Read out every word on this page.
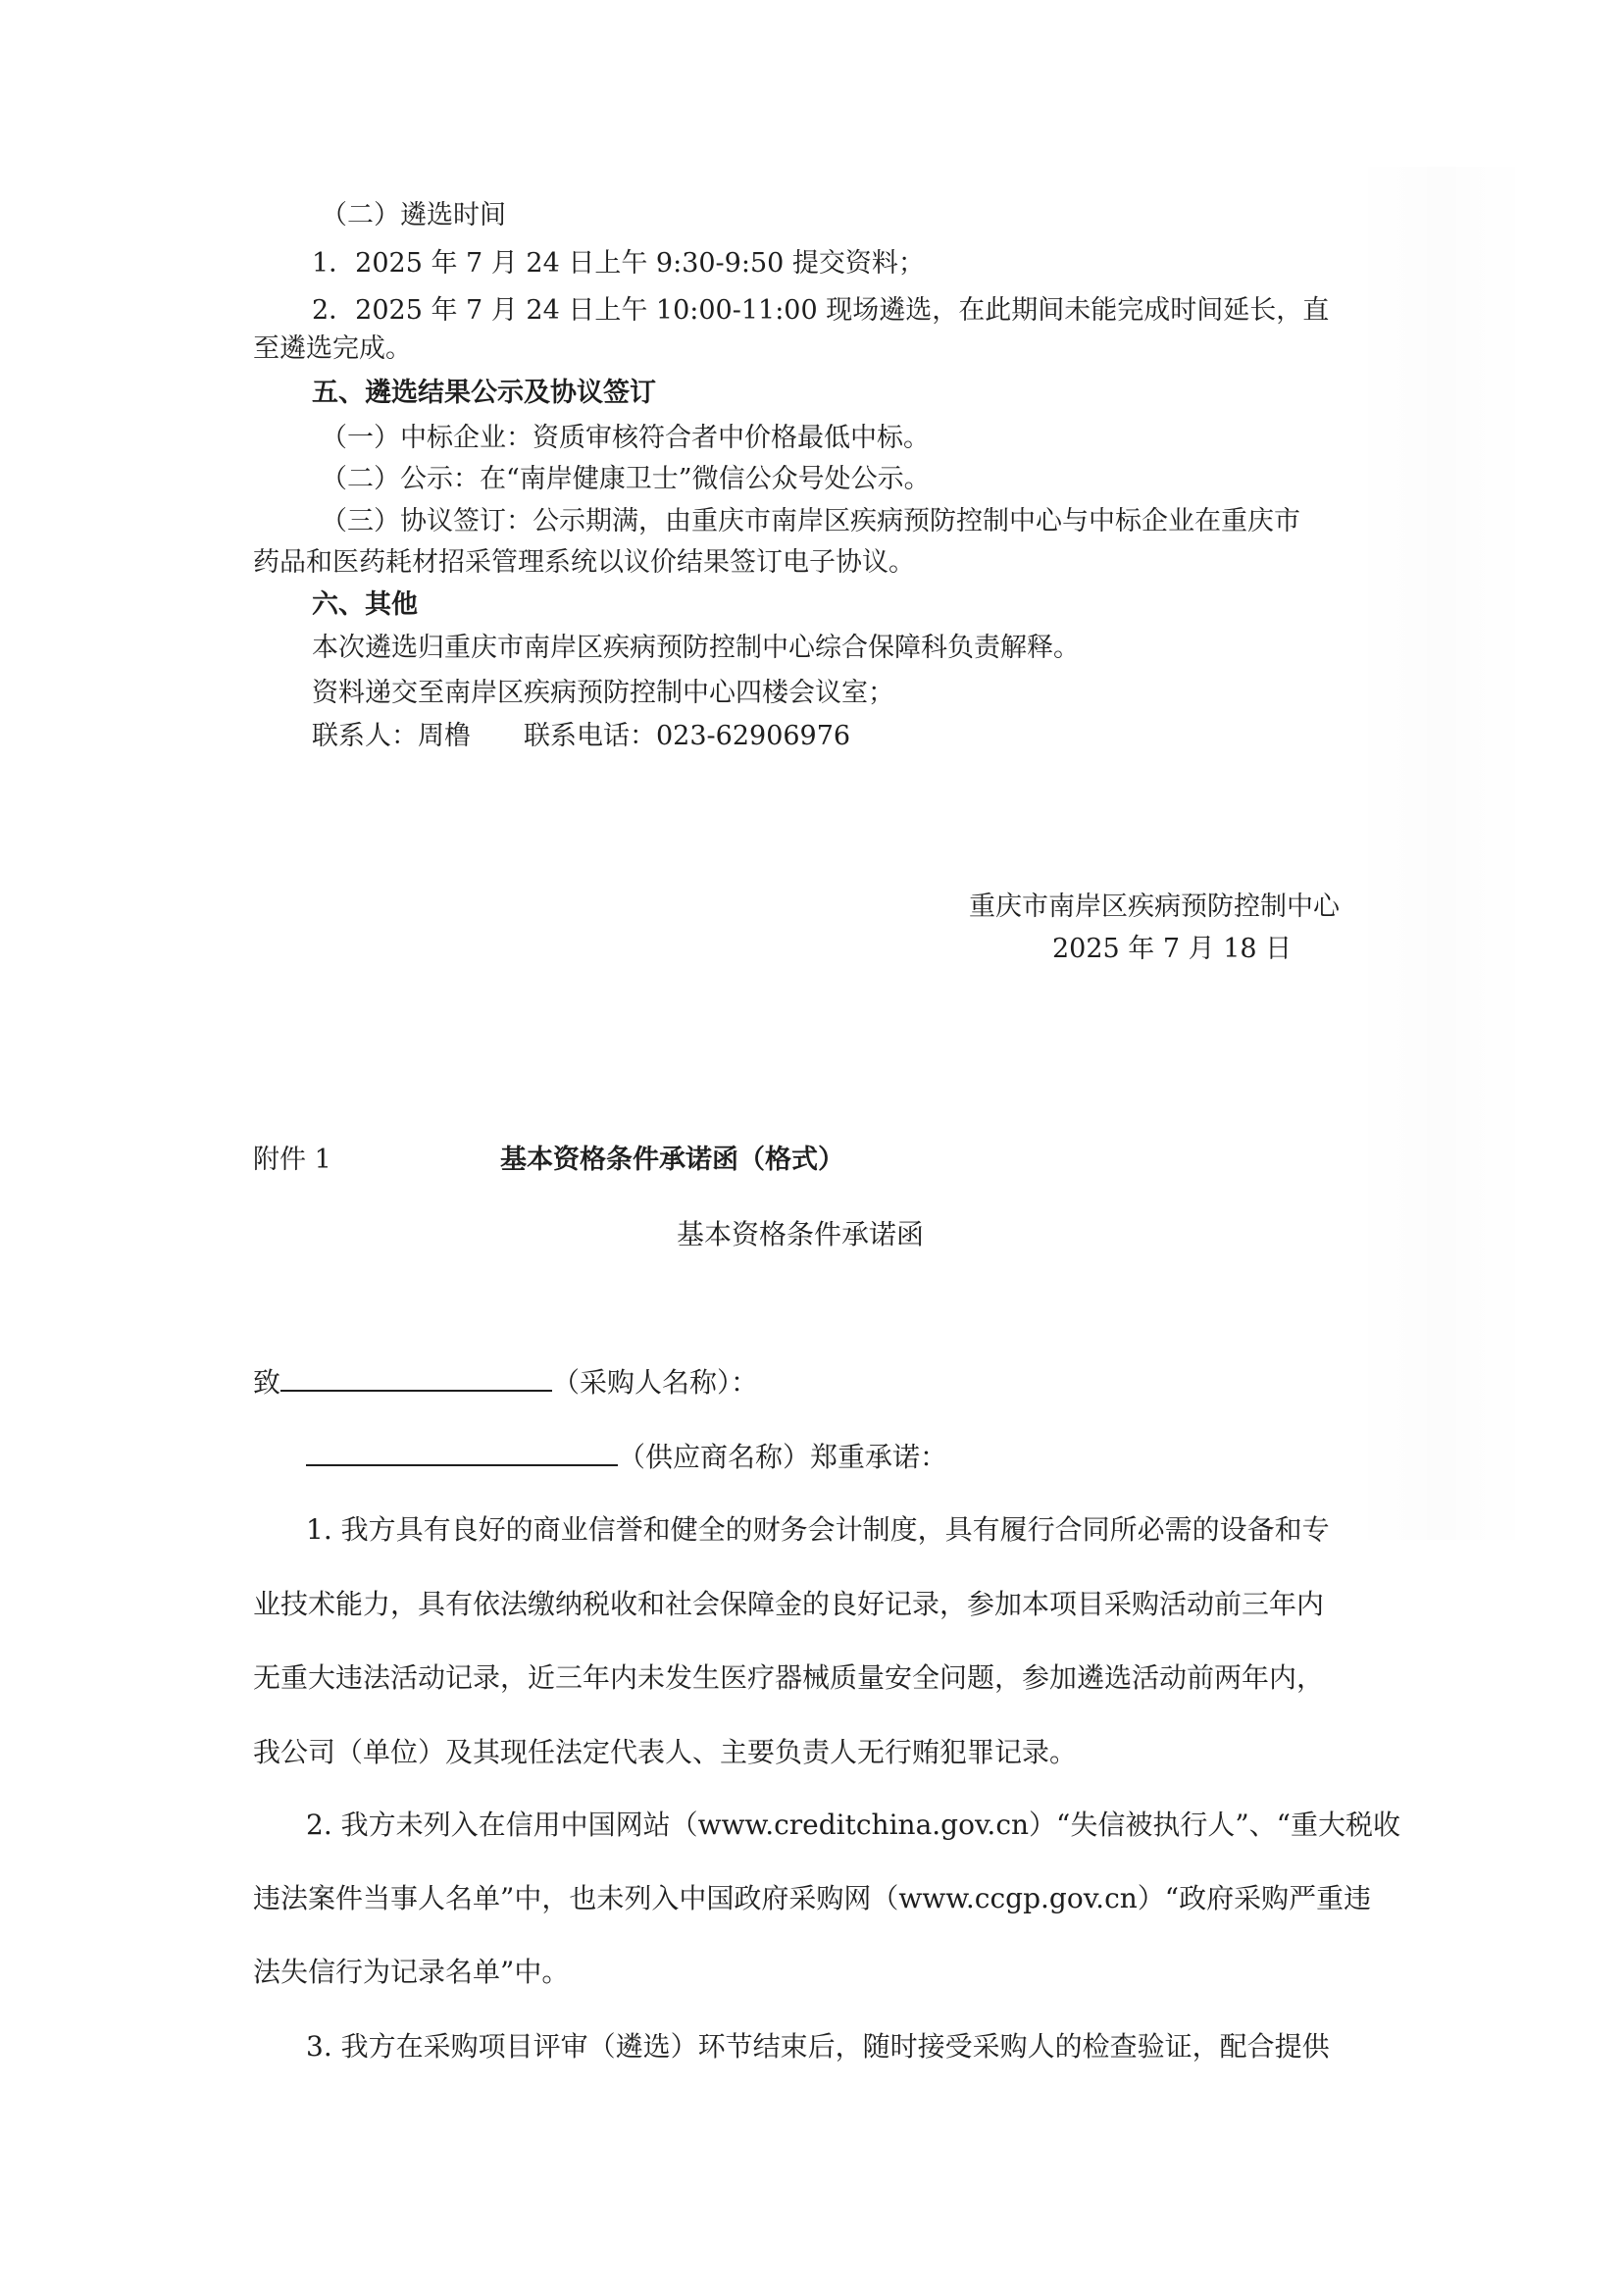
（二）遴选时间

1．2025 年 7 月 24 日上午 9:30-9:50 提交资料；

2．2025 年 7 月 24 日上午 10:00-11:00 现场遴选，在此期间未能完成时间延长，直

至遴选完成。

五、遴选结果公示及协议签订

（一）中标企业：资质审核符合者中价格最低中标。

（二）公示：在“南岸健康卫士”微信公众号处公示。

（三）协议签订：公示期满，由重庆市南岸区疾病预防控制中心与中标企业在重庆市

药品和医药耗材招采管理系统以议价结果签订电子协议。

六、其他

本次遴选归重庆市南岸区疾病预防控制中心综合保障科负责解释。

资料递交至南岸区疾病预防控制中心四楼会议室；

联系人：周橹　　联系电话：023-62906976

重庆市南岸区疾病预防控制中心

2025 年 7 月 18 日

附件 1	基本资格条件承诺函（格式）

基本资格条件承诺函

致	（采购人名称）：

（供应商名称）郑重承诺：

1. 我方具有良好的商业信誉和健全的财务会计制度，具有履行合同所必需的设备和专

业技术能力，具有依法缴纳税收和社会保障金的良好记录，参加本项目采购活动前三年内

无重大违法活动记录，近三年内未发生医疗器械质量安全问题，参加遴选活动前两年内，

我公司（单位）及其现任法定代表人、主要负责人无行贿犯罪记录。

2. 我方未列入在信用中国网站（www.creditchina.gov.cn）“失信被执行人”、“重大税收

违法案件当事人名单”中，也未列入中国政府采购网（www.ccgp.gov.cn）“政府采购严重违

法失信行为记录名单”中。

3. 我方在采购项目评审（遴选）环节结束后，随时接受采购人的检查验证，配合提供
